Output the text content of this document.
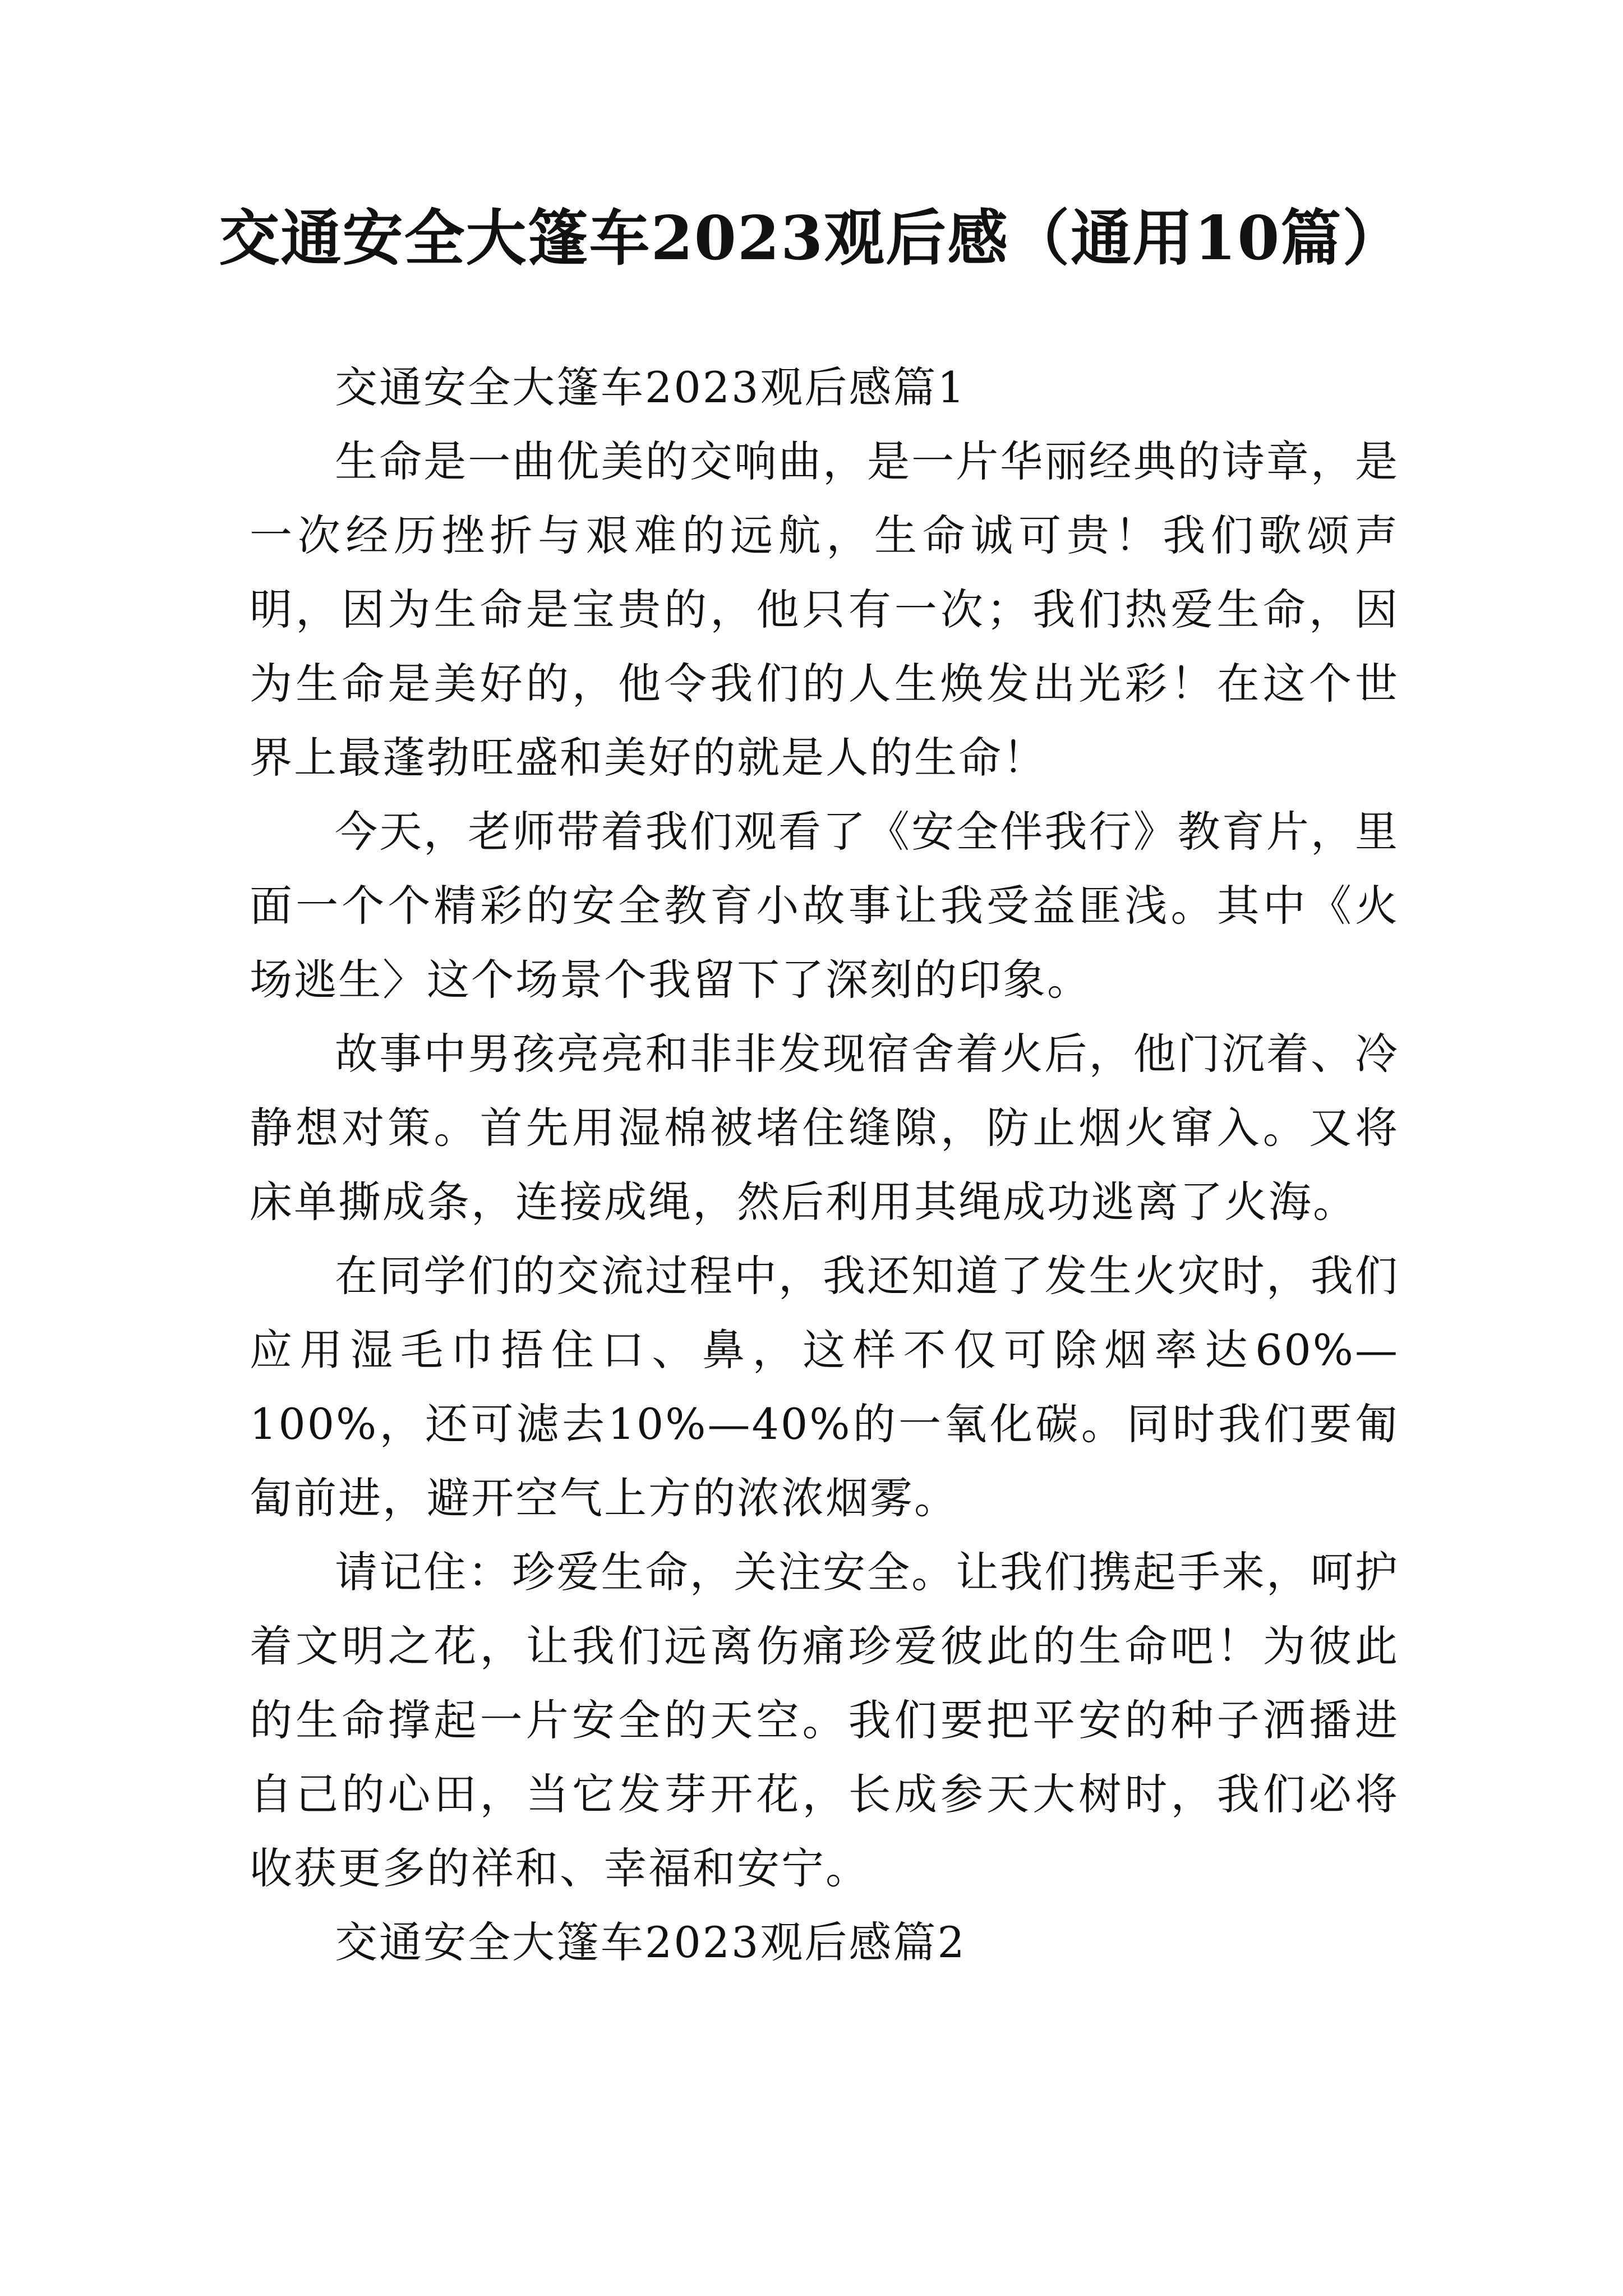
交通安全大篷车2023观后感（通用10篇）

交通安全大篷车2023观后感篇1

生命是一曲优美的交响曲，是一片华丽经典的诗章，是一次经历挫折与艰难的远航，生命诚可贵！我们歌颂声明，因为生命是宝贵的，他只有一次；我们热爱生命，因为生命是美好的，他令我们的人生焕发出光彩！在这个世界上最蓬勃旺盛和美好的就是人的生命！

今天，老师带着我们观看了《安全伴我行》教育片，里面一个个精彩的安全教育小故事让我受益匪浅。其中《火场逃生〉这个场景个我留下了深刻的印象。

故事中男孩亮亮和非非发现宿舍着火后，他门沉着、冷静想对策。首先用湿棉被堵住缝隙，防止烟火窜入。又将床单撕成条，连接成绳，然后利用其绳成功逃离了火海。

在同学们的交流过程中，我还知道了发生火灾时，我们应用湿毛巾捂住口、鼻，这样不仅可除烟率达60%—100%，还可滤去10%—40%的一氧化碳。同时我们要匍匐前进，避开空气上方的浓浓烟雾。

请记住：珍爱生命，关注安全。让我们携起手来，呵护着文明之花，让我们远离伤痛珍爱彼此的生命吧！为彼此的生命撑起一片安全的天空。我们要把平安的种子洒播进自己的心田，当它发芽开花，长成参天大树时，我们必将收获更多的祥和、幸福和安宁。

交通安全大篷车2023观后感篇2
